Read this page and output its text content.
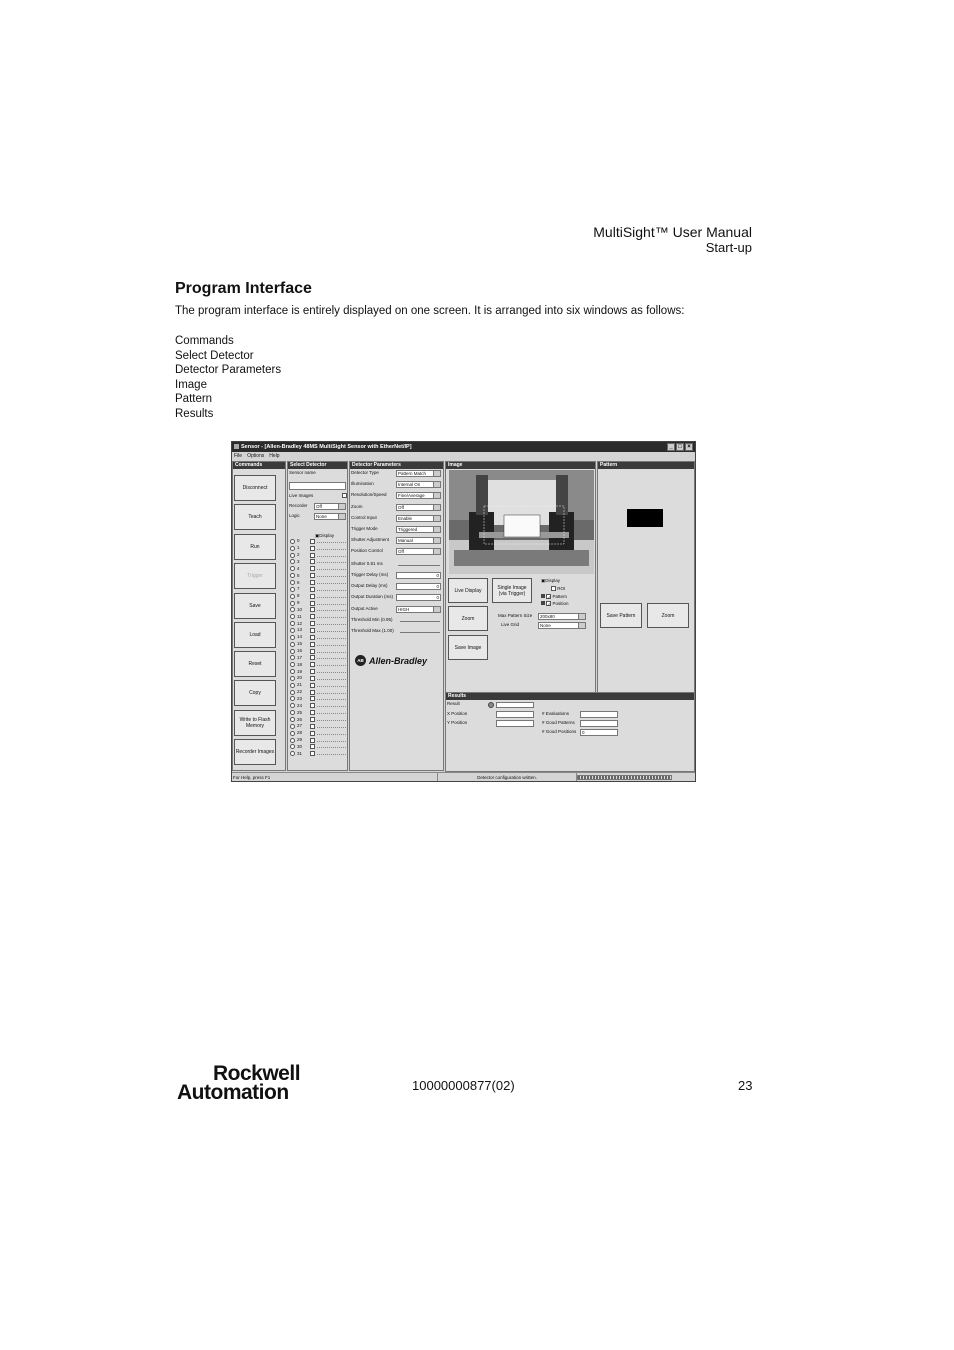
MultiSight™ User Manual
Start-up
Program Interface
The program interface is entirely displayed on one screen. It is arranged into six windows as follows:
Commands
Select Detector
Detector Parameters
Image
Pattern
Results
Sensor - [Allen-Bradley 48MS MultiSight Sensor with EtherNet/IP]	_ □ ×
File Options Help
Commands
Disconnect
Teach
Run
Trigger
Save
Load
Reset
Copy
Write to Flash Memory
Recorder Images
Select Detector
Sensor name
Live Images
Recorder	Off
Logic	None
▣Display
0
1
2
3
4
5
6
7
8
9
10
11
12
13
14
15
16
17
18
19
20
21
22
23
24
25
26
27
28
29
30
31
Detector Parameters
Detector Type	Pattern Match
Illumination	Internal On
Resolution/Speed	Fine/Average
Zoom	Off
Control Input	Enable
Trigger Mode	Triggered
Shutter Adjustment	Manual
Position Control	Off
Shutter 0.81 ms
Trigger Delay (ms)	0
Output Delay (ms)	0
Output Duration (ms)	0
Output Active	HIGH
Threshold Min (0.95)
Threshold Max (1.00)
AB Allen-Bradley
Image
Live Display	Single Image (via Trigger)
Zoom
Save Image
▣Display
ROI
✓ Pattern
✓ Position
Max Pattern Size	200x80
Live Grid	None
Pattern
Save Pattern	Zoom
Results
Result
X Position
Y Position
# Evaluations
# Good Patterns
# Good Positions	0
For Help, press F1	Detector configuration written.
Rockwell
Automation	10000000877(02)	23
